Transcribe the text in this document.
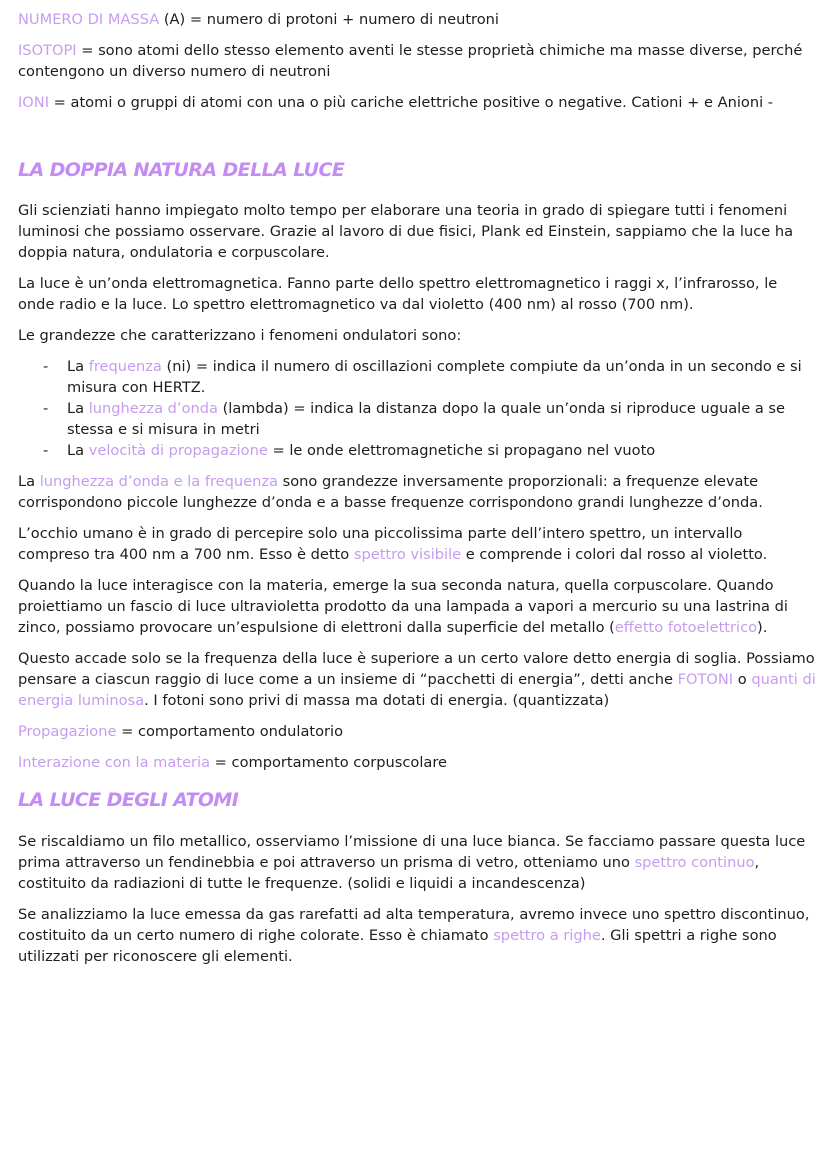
NUMERO DI MASSA (A) = numero di protoni + numero di neutroni

ISOTOPI = sono atomi dello stesso elemento aventi le stesse proprietà chimiche ma masse diverse, perché contengono un diverso numero di neutroni

IONI = atomi o gruppi di atomi con una o più cariche elettriche positive o negative. Cationi + e Anioni -

LA DOPPIA NATURA DELLA LUCE

Gli scienziati hanno impiegato molto tempo per elaborare una teoria in grado di spiegare tutti i fenomeni luminosi che possiamo osservare. Grazie al lavoro di due fisici, Plank ed Einstein, sappiamo che la luce ha doppia natura, ondulatoria e corpuscolare.

La luce è un’onda elettromagnetica. Fanno parte dello spettro elettromagnetico i raggi x, l’infrarosso, le onde radio e la luce. Lo spettro elettromagnetico va dal violetto (400 nm) al rosso (700 nm).

Le grandezze che caratterizzano i fenomeni ondulatori sono:

- La frequenza (ni) = indica il numero di oscillazioni complete compiute da un’onda in un secondo e si misura con HERTZ.
- La lunghezza d’onda (lambda) = indica la distanza dopo la quale un’onda si riproduce uguale a se stessa e si misura in metri
- La velocità di propagazione = le onde elettromagnetiche si propagano nel vuoto

La lunghezza d’onda e la frequenza sono grandezze inversamente proporzionali: a frequenze elevate corrispondono piccole lunghezze d’onda e a basse frequenze corrispondono grandi lunghezze d’onda.

L’occhio umano è in grado di percepire solo una piccolissima parte dell’intero spettro, un intervallo compreso tra 400 nm a 700 nm. Esso è detto spettro visibile e comprende i colori dal rosso al violetto.

Quando la luce interagisce con la materia, emerge la sua seconda natura, quella corpuscolare. Quando proiettiamo un fascio di luce ultravioletta prodotto da una lampada a vapori a mercurio su una lastrina di zinco, possiamo provocare un’espulsione di elettroni dalla superficie del metallo (effetto fotoelettrico).

Questo accade solo se la frequenza della luce è superiore a un certo valore detto energia di soglia. Possiamo pensare a ciascun raggio di luce come a un insieme di “pacchetti di energia”, detti anche FOTONI o quanti di energia luminosa. I fotoni sono privi di massa ma dotati di energia. (quantizzata)

Propagazione = comportamento ondulatorio

Interazione con la materia = comportamento corpuscolare

LA LUCE DEGLI ATOMI

Se riscaldiamo un filo metallico, osserviamo l’missione di una luce bianca. Se facciamo passare questa luce prima attraverso un fendinebbia e poi attraverso un prisma di vetro, otteniamo uno spettro continuo, costituito da radiazioni di tutte le frequenze. (solidi e liquidi a incandescenza)

Se analizziamo la luce emessa da gas rarefatti ad alta temperatura, avremo invece uno spettro discontinuo, costituito da un certo numero di righe colorate. Esso è chiamato spettro a righe. Gli spettri a righe sono utilizzati per riconoscere gli elementi.
